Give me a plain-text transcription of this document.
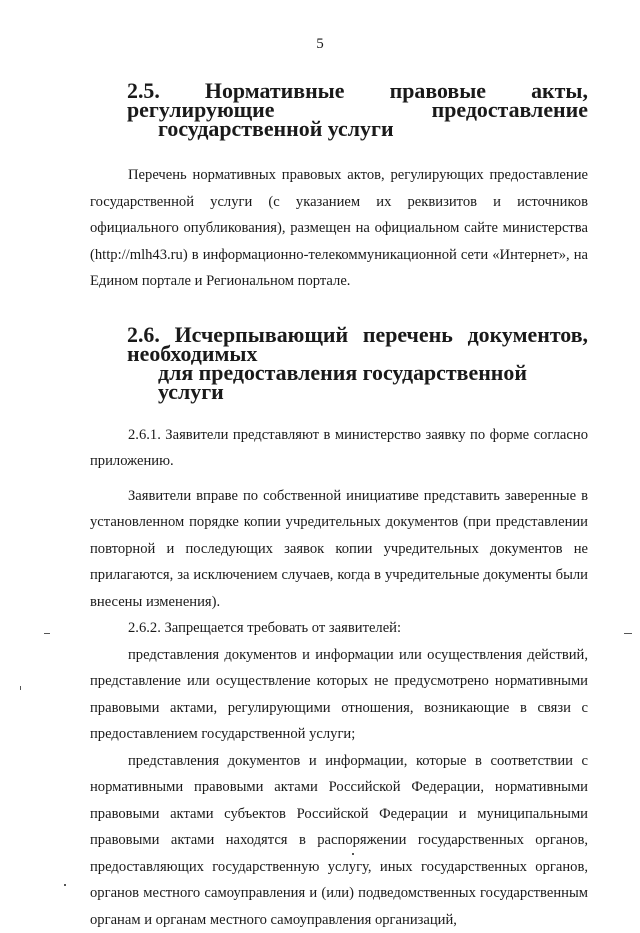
5
2.5. Нормативные правовые акты, регулирующие предоставление
государственной услуги

Перечень нормативных правовых актов, регулирующих предоставление государственной услуги (с указанием их реквизитов и источников официального опубликования), размещен на официальном сайте министерства (http://mlh43.ru) в информационно-телекоммуникационной сети «Интернет», на Едином портале и Региональном портале.

2.6. Исчерпывающий перечень документов, необходимых
для предоставления государственной услуги

2.6.1. Заявители представляют в министерство заявку по форме согласно приложению.

Заявители вправе по собственной инициативе представить заверенные в установленном порядке копии учредительных документов (при представлении повторной и последующих заявок копии учредительных документов не прилагаются, за исключением случаев, когда в учредительные документы были внесены изменения).

2.6.2. Запрещается требовать от заявителей:

представления документов и информации или осуществления действий, представление или осуществление которых не предусмотрено нормативными правовыми актами, регулирующими отношения, возникающие в связи с предоставлением государственной услуги;

представления документов и информации, которые в соответствии с нормативными правовыми актами Российской Федерации, нормативными правовыми актами субъектов Российской Федерации и муниципальными правовыми актами находятся в распоряжении государственных органов, предоставляющих государственную услугу, иных государственных органов, органов местного самоуправления и (или) подведомственных государственным органам и органам местного самоуправления организаций,
